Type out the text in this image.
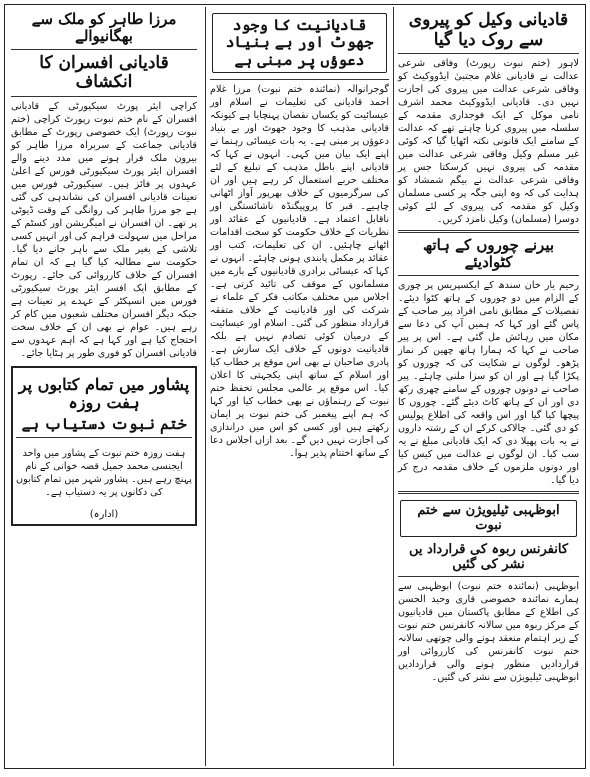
قادیانی وکیل کو پیروی سے روک دیا گیا

لاہور (ختم نبوت رپورٹ) وفاقی شرعی عدالت نے قادیانی غلام مجتبیٰ ایڈووکیٹ کو وفاقی شرعی عدالت میں پیروی کی اجازت نہیں دی۔ قادیانی ایڈووکیٹ محمد اشرف نامی موکل کے ایک فوجداری مقدمہ کے سلسلہ میں پیروی کرنا چاہتے تھے کہ عدالت کے سامنے ایک قانونی نکتہ اٹھایا گیا کہ کوئی غیر مسلم وکیل وفاقی شرعی عدالت میں مقدمہ کی پیروی نہیں کرسکتا جس پر وفاقی شرعی عدالت نے بیگم شمشاد کو ہدایت کی کہ وہ اپنی جگہ پر کسی مسلمان وکیل کو مقدمہ کی پیروی کے لئے کوئی دوسرا (مسلمان) وکیل نامزد کریں۔

بیرنے چوروں کے ہاتھ کٹوادیئے

رحیم یار خان سندھ کے ایکسپریس پر چوری کے الزام میں دو چوروں کے ہاتھ کٹوا دیئے۔ تفصیلات کے مطابق نامی افراد پیر صاحب کے پاس گئے اور کہا کہ ہمیں آپ کی دعا سے مکان میں رہائش مل گئی ہے۔ اس پر پیر صاحب نے کہا کہ ہمارا ہاتھ چھین کر نماز پڑھو۔ لوگوں نے شکایت کی کہ چوروں کو پکڑا گیا ہے اور ان کو سزا ملنی چاہئے۔ پیر صاحب نے دونوں چوروں کے سامنے چھری رکھ دی اور ان کے ہاتھ کاٹ دیئے گئے۔ چوروں کا پیچھا کیا گیا اور اس واقعہ کی اطلاع پولیس کو دی گئی۔ چالاکی کرکے ان کے رشتہ داروں نے یہ بات پھیلا دی کہ ایک قادیانی مبلغ نے یہ سب کیا۔ ان لوگوں نے عدالت میں کیس کیا اور دونوں ملزموں کے خلاف مقدمہ درج کر دیا گیا۔

ابوظہبی ٹیلیویژن سے ختم نبوت
کانفرنس ربوہ کی قرارداد یں نشر کی گئیں

ابوظہبی (نمائندہ ختم نبوت) ابوظہبی سے ہمارے نمائندہ خصوصی قاری وحید الحسن کی اطلاع کے مطابق پاکستان میں قادیانیوں کے مرکز ربوہ میں سالانہ کانفرنس ختم نبوت کے زیر اہتمام منعقد ہونے والی چوتھی سالانہ ختم نبوت کانفرنس کی کارروائی اور قراردادیں منظور ہونے والی قراردادیں ابوظہبی ٹیلیویژن سے نشر کی گئیں۔

قادیانیت کا وجود جھوٹ اور بے بنیاد دعوؤں پر مبنی ہے

گوجرانوالہ (نمائندہ ختم نبوت) مرزا غلام احمد قادیانی کی تعلیمات نے اسلام اور عیسائیت کو یکساں نقصان پہنچایا ہے کیونکہ قادیانی مذہب کا وجود جھوٹ اور بے بنیاد دعوؤں پر مبنی ہے۔ یہ بات عیسائی رہنما نے اپنے ایک بیان میں کہی۔ انہوں نے کہا کہ قادیانی اپنے باطل مذہب کے تبلیغ کے لئے مختلف حربے استعمال کر رہے ہیں اور ان کی سرگرمیوں کے خلاف بھرپور آواز اٹھانی چاہیے۔ قبر کا پروپیگنڈہ ناشائستگی اور ناقابل اعتماد ہے۔ قادیانیوں کے عقائد اور نظریات کے خلاف حکومت کو سخت اقدامات اٹھانے چاہئیں۔ ان کی تعلیمات، کتب اور عقائد پر مکمل پابندی ہونی چاہئے۔ انہوں نے کہا کہ عیسائی برادری قادیانیوں کے بارے میں مسلمانوں کے موقف کی تائید کرتی ہے۔ اجلاس میں مختلف مکاتب فکر کے علماء نے شرکت کی اور قادیانیت کے خلاف متفقہ قرارداد منظور کی گئی۔ اسلام اور عیسائیت کے درمیان کوئی تصادم نہیں ہے بلکہ قادیانیت دونوں کے خلاف ایک سازش ہے۔ پادری صاحبان نے بھی اس موقع پر خطاب کیا اور اسلام کے ساتھ اپنی یکجہتی کا اعلان کیا۔ اس موقع پر عالمی مجلس تحفظ ختم نبوت کے رہنماؤں نے بھی خطاب کیا اور کہا کہ ہم اپنے پیغمبر کی ختم نبوت پر ایمان رکھتے ہیں اور کسی کو اس میں دراندازی کی اجازت نہیں دیں گے۔ بعد ازاں اجلاس دعا کے ساتھ اختتام پذیر ہوا۔

مرزا طاہر کو ملک سے بھگانیوالے
قادیانی افسران کا انکشاف

کراچی ایئر پورٹ سیکیورٹی کے قادیانی افسران کے نام ختم نبوت رپورٹ کراچی (ختم نبوت رپورٹ) ایک خصوصی رپورٹ کے مطابق قادیانی جماعت کے سربراہ مرزا طاہر کو بیرون ملک فرار ہونے میں مدد دینے والے افسران ایئر پورٹ سیکیورٹی فورس کے اعلیٰ عہدوں پر فائز ہیں۔ سیکیورٹی فورس میں تعینات قادیانی افسران کی نشاندہی کی گئی ہے جو مرزا طاہر کی روانگی کے وقت ڈیوٹی پر تھے۔ ان افسران نے امیگریشن اور کسٹم کے مراحل میں سہولت فراہم کی اور انہیں کسی تلاشی کے بغیر ملک سے باہر جانے دیا گیا۔ حکومت سے مطالبہ کیا گیا ہے کہ ان تمام افسران کے خلاف کارروائی کی جائے۔ رپورٹ کے مطابق ایک افسر ایئر پورٹ سیکیورٹی فورس میں انسپکٹر کے عہدے پر تعینات ہے جبکہ دیگر افسران مختلف شعبوں میں کام کر رہے ہیں۔ عوام نے بھی ان کے خلاف سخت احتجاج کیا ہے اور کہا ہے کہ اہم عہدوں سے قادیانی افسران کو فوری طور پر ہٹایا جائے۔

پشاور میں تمام کتابوں پر ہفت روزہ
ختم نبوت دستیاب ہے

ہفت روزہ ختم نبوت کے پشاور میں واحد ایجنسی محمد جمیل قصہ خوانی کے نام پہنچ رہے ہیں۔ پشاور شہر میں تمام کتابوں کی دکانوں پر یہ دستیاب ہے۔

(ادارہ)
